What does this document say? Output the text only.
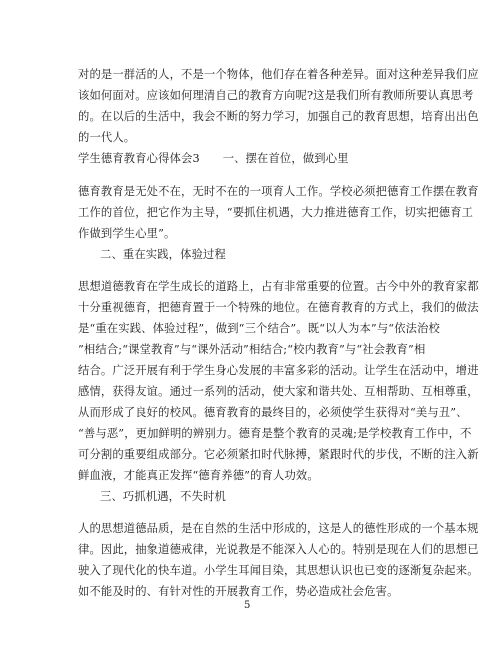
对的是一群活的人，不是一个物体，他们存在着各种差异。面对这种差异我们应
该如何面对。应该如何理清自己的教育方向呢?这是我们所有教师所要认真思考
的。在以后的生活中，我会不断的努力学习，加强自己的教育思想，培育出出色
的一代人。
学生德育教育心得体会3　　一、摆在首位，做到心里
德育教育是无处不在，无时不在的一项育人工作。学校必须把德育工作摆在教育
工作的首位，把它作为主导，“要抓住机遇，大力推进德育工作，切实把德育工
作做到学生心里”。
二、重在实践，体验过程
思想道德教育在学生成长的道路上，占有非常重要的位置。古今中外的教育家都
十分重视德育，把德育置于一个特殊的地位。在德育教育的方式上，我们的做法
是“重在实践、体验过程”，做到“三个结合”。既“以人为本”与“依法治校
”相结合;“课堂教育”与“课外活动”相结合;“校内教育”与“社会教育”相
结合。广泛开展有利于学生身心发展的丰富多彩的活动。让学生在活动中，增进
感情，获得友谊。通过一系列的活动，使大家和谐共处、互相帮助、互相尊重，
从而形成了良好的校风。德育教育的最终目的，必须使学生获得对“美与丑”、
“善与恶”，更加鲜明的辨别力。德育是整个教育的灵魂;是学校教育工作中，不
可分割的重要组成部分。它必须紧扣时代脉搏，紧跟时代的步伐，不断的注入新
鲜血液，才能真正发挥“德育养德”的育人功效。
三、巧抓机遇，不失时机
人的思想道德品质，是在自然的生活中形成的，这是人的德性形成的一个基本规
律。因此，抽象道德戒律，光说教是不能深入人心的。特别是现在人们的思想已
驶入了现代化的快车道。小学生耳闻目染，其思想认识也已变的逐渐复杂起来。
如不能及时的、有针对性的开展教育工作，势必造成社会危害。
5
